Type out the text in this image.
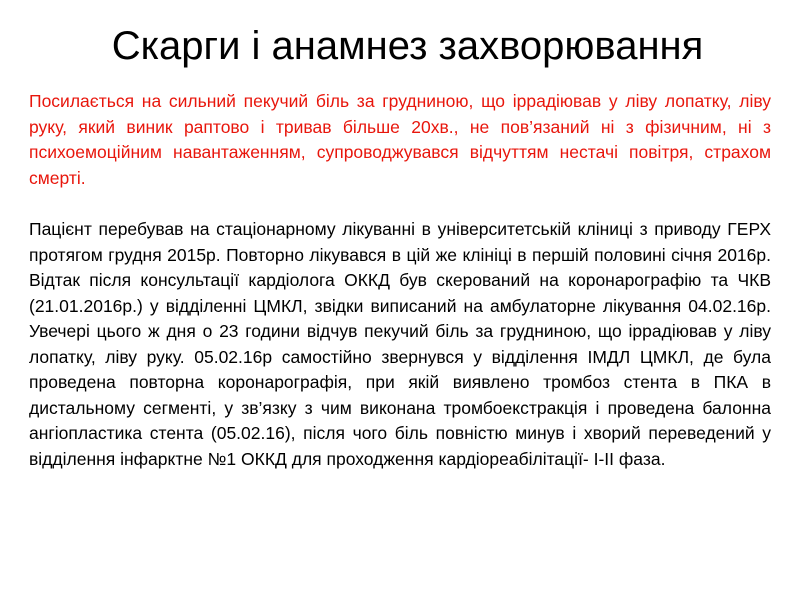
Скарги і анамнез захворювання

Посилається на сильний пекучий біль за грудниною, що іррадіював у ліву лопатку, ліву руку, який виник раптово і тривав більше 20хв., не пов’язаний ні з фізичним, ні з психоемоційним навантаженням, супроводжувався відчуттям нестачі повітря, страхом смерті.

Пацієнт перебував на стаціонарному лікуванні в університетській кліниці з приводу ГЕРХ протягом грудня 2015р. Повторно лікувався в цій же клініці в першій половині січня 2016р. Відтак після консультації кардіолога ОККД був скерований на коронарографію та ЧКВ (21.01.2016р.) у відділенні ЦМКЛ, звідки виписаний на амбулаторне лікування 04.02.16р. Увечері цього ж дня о 23 години відчув пекучий біль за грудниною, що іррадіював у ліву лопатку, ліву руку. 05.02.16р самостійно звернувся у відділення ІМДЛ ЦМКЛ, де була проведена повторна коронарографія, при якій виявлено тромбоз стента в ПКА в дистальному сегменті, у зв’язку з чим виконана тромбоекстракція і проведена балонна ангіопластика стента (05.02.16), після чого біль повністю минув і хворий переведений у відділення інфарктне №1 ОККД для проходження кардіореабілітації- І-ІІ фаза.
